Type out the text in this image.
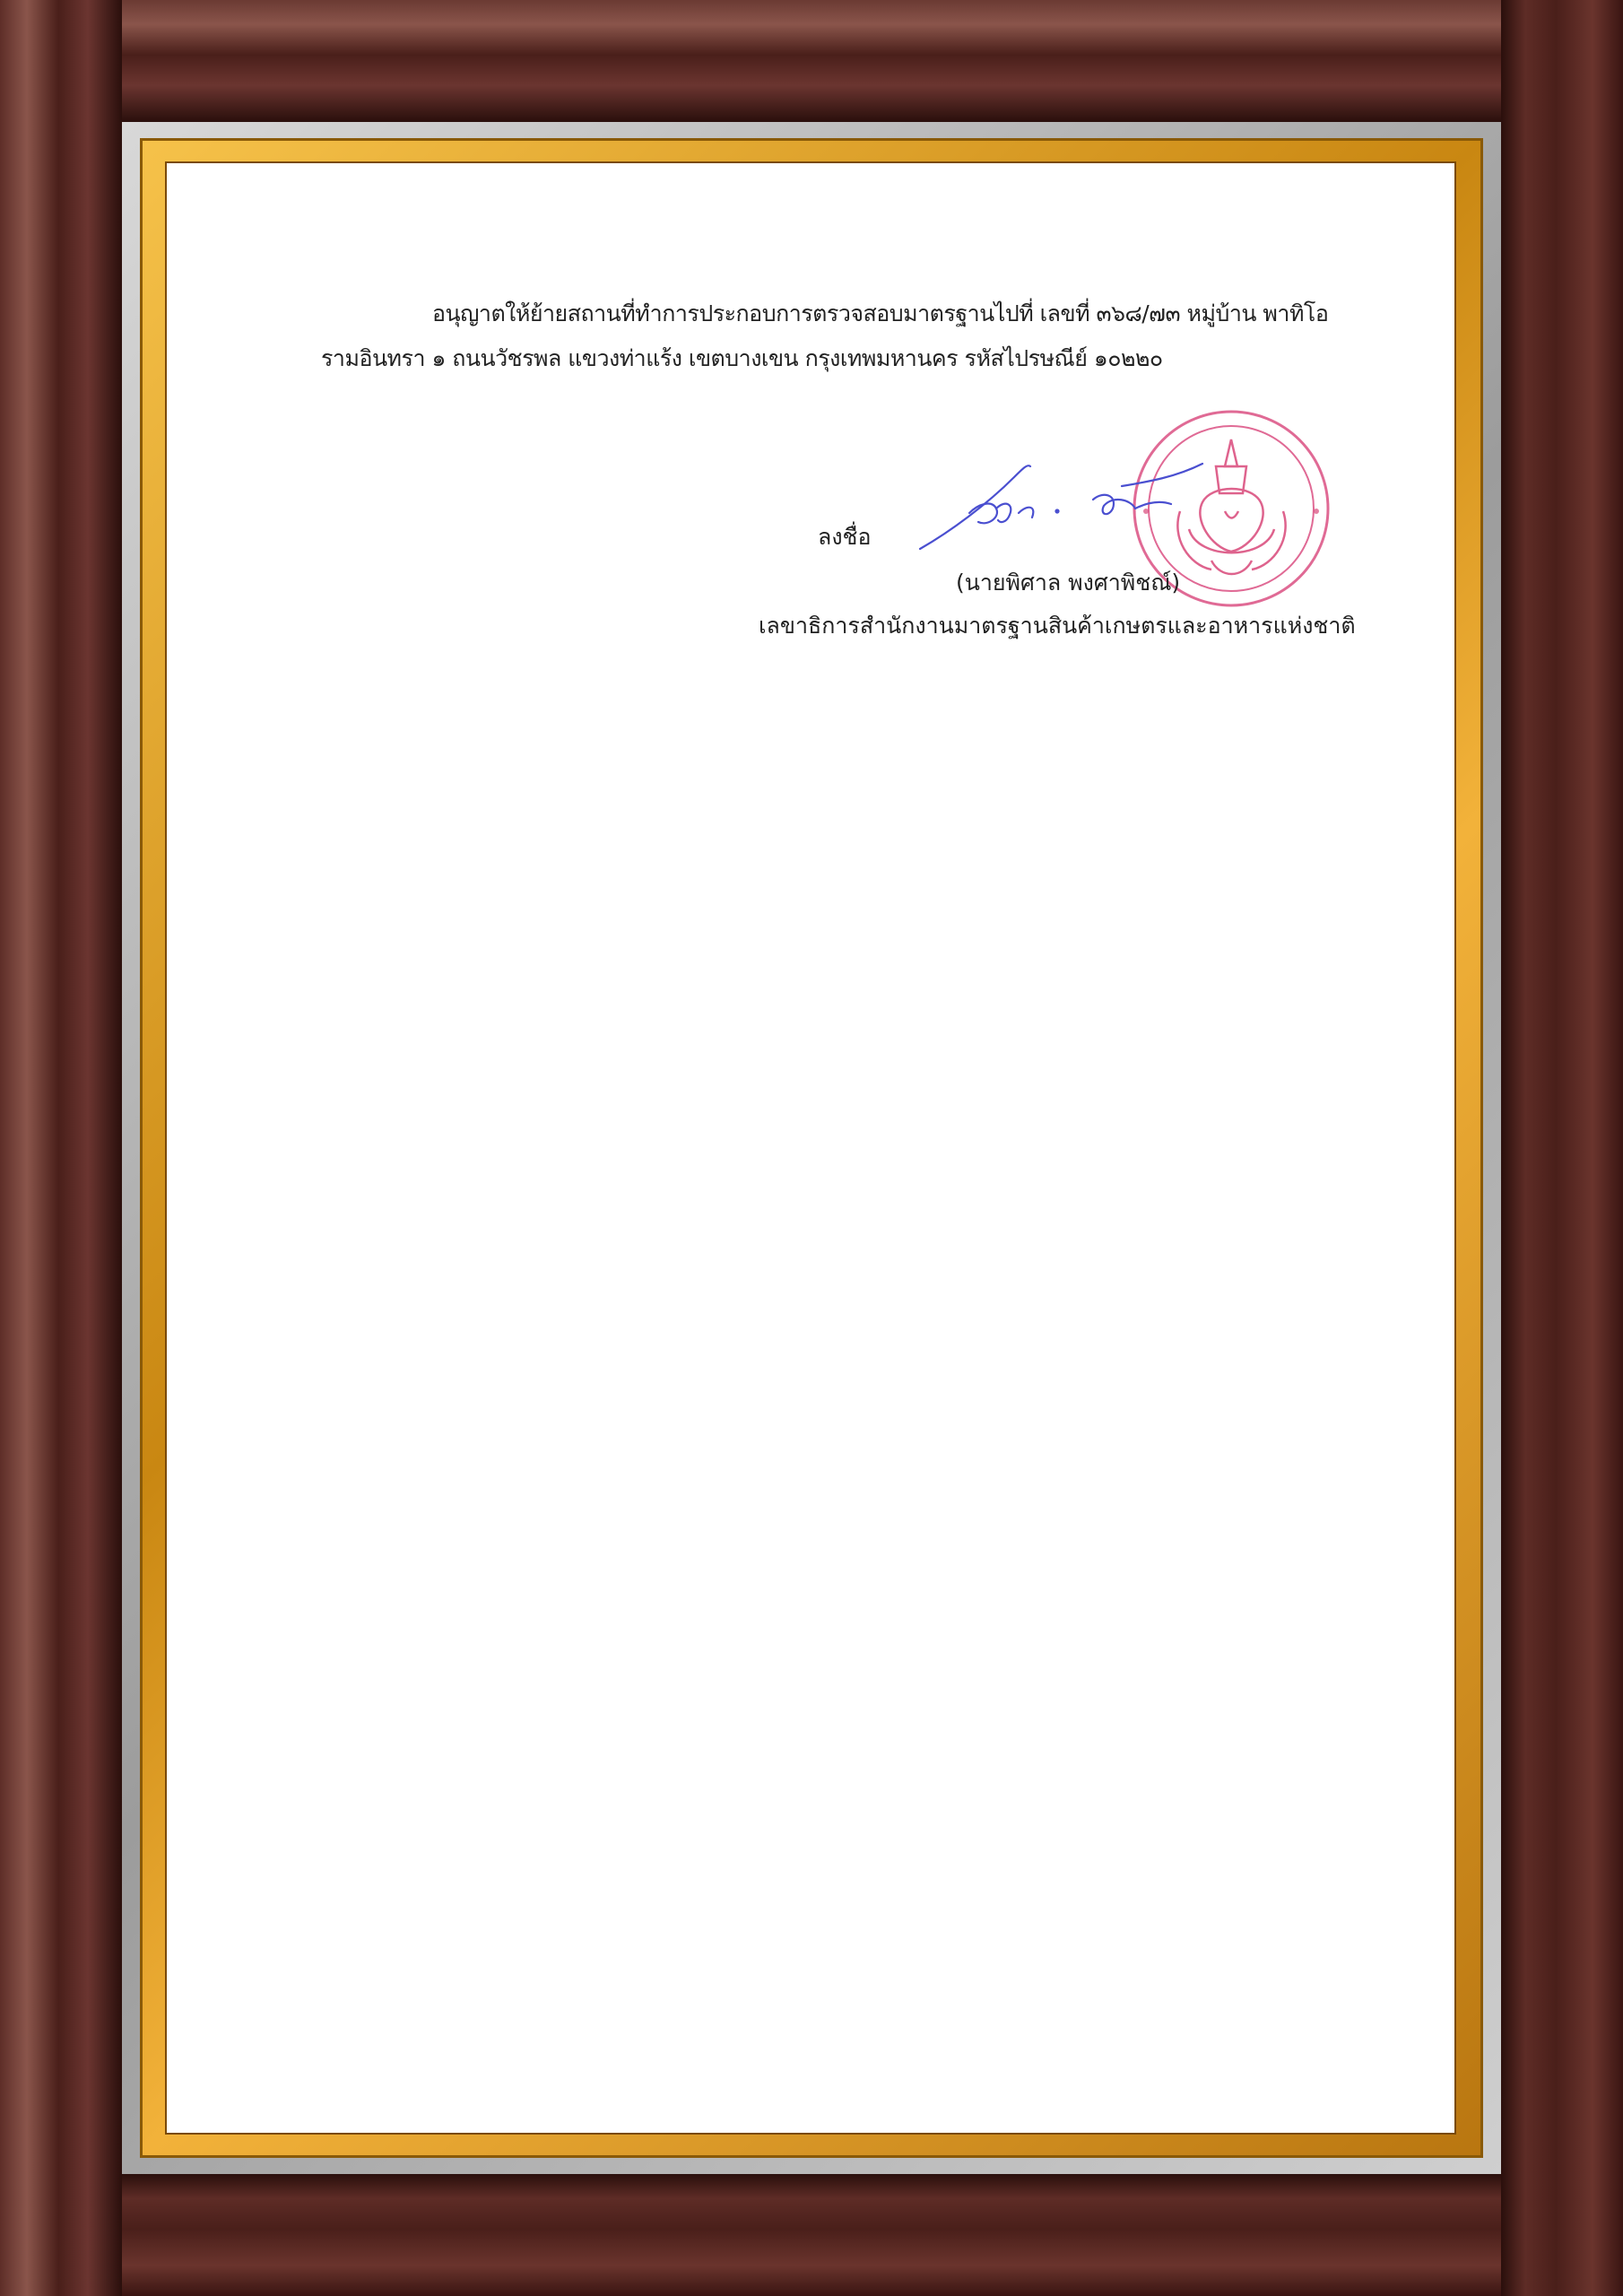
อนุญาตให้ย้ายสถานที่ทำการประกอบการตรวจสอบมาตรฐานไปที่ เลขที่ ๓๖๘/๗๓ หมู่บ้าน พาทิโอ
รามอินทรา ๑ ถนนวัชรพล แขวงท่าแร้ง เขตบางเขน กรุงเทพมหานคร รหัสไปรษณีย์ ๑๐๒๒๐
ลงชื่อ
(นายพิศาล พงศาพิชณ์)
เลขาธิการสำนักงานมาตรฐานสินค้าเกษตรและอาหารแห่งชาติ
